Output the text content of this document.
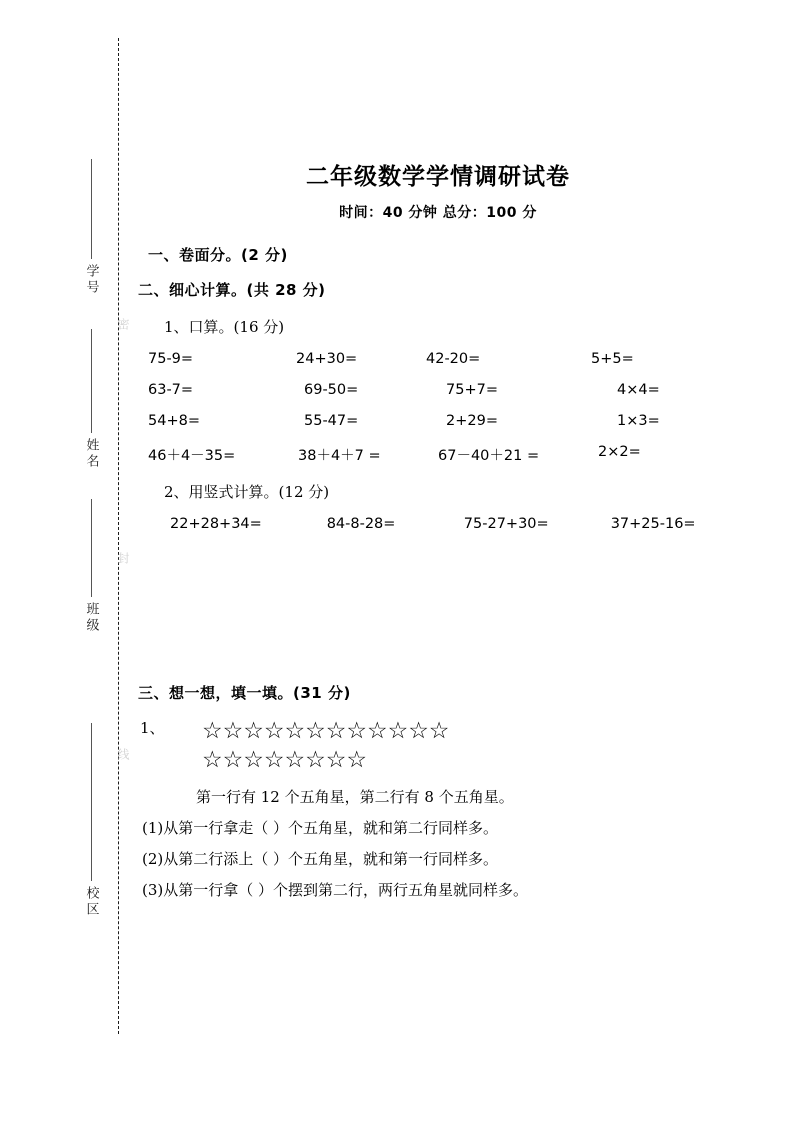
密
封
线
学号
姓名
班级
校区
二年级数学学情调研试卷
时间：40 分钟 总分：100 分
一、卷面分。(2 分)
二、细心计算。(共 28 分)
1、口算。(16 分)
75-9=	24+30=	42-20=	5+5=
63-7=	69-50=	75+7=	4×4=
54+8=	55-47=	2+29=	1×3=
46＋4－35=	38＋4＋7 =	67－40＋21 =	2×2=
2、用竖式计算。(12 分)
22+28+34=	84-8-28=	75-27+30=	37+25-16=
三、想一想，填一填。(31 分)
1、	☆☆☆☆☆☆☆☆☆☆☆☆
☆☆☆☆☆☆☆☆
第一行有 12 个五角星，第二行有 8 个五角星。
(1)从第一行拿走（ ）个五角星，就和第二行同样多。
(2)从第二行添上（ ）个五角星，就和第一行同样多。
(3)从第一行拿（ ）个摆到第二行，两行五角星就同样多。
